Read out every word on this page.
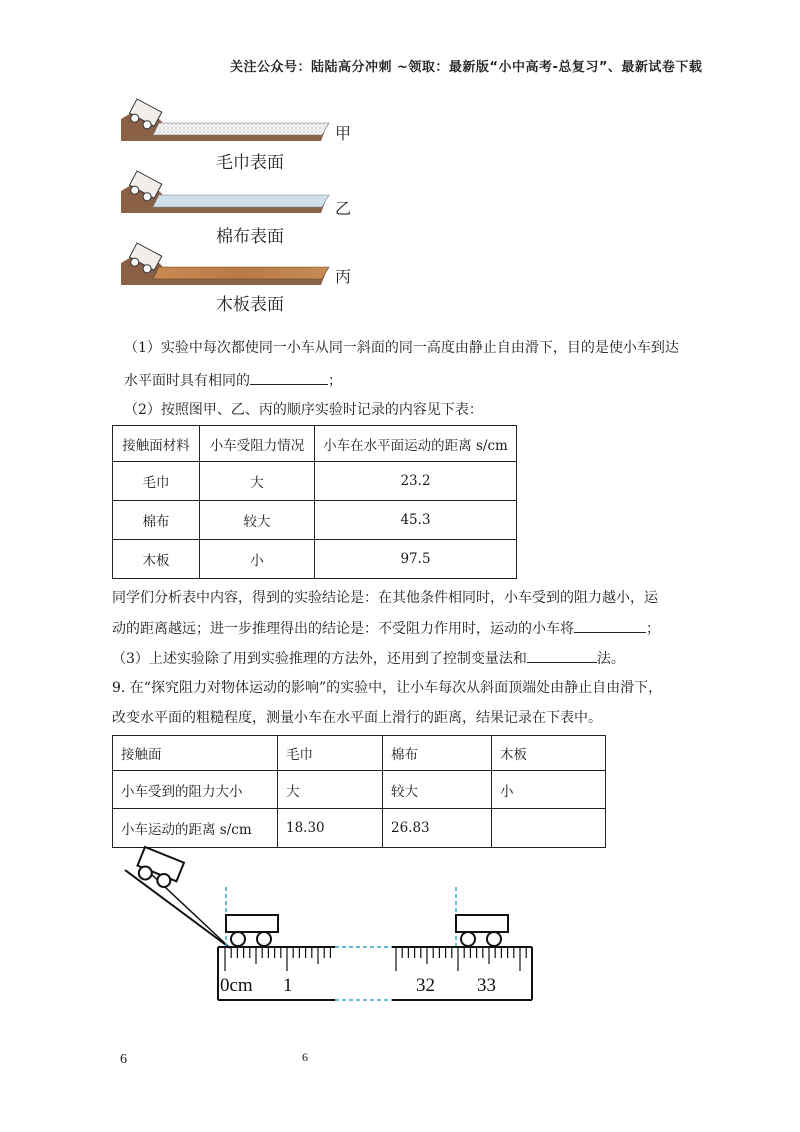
关注公众号：陆陆高分冲刺 ~领取：最新版“小中高考-总复习”、最新试卷下载
甲
毛巾表面
乙
棉布表面
丙
木板表面
（1）实验中每次都使同一小车从同一斜面的同一高度由静止自由滑下，目的是使小车到达
水平面时具有相同的	；
（2）按照图甲、乙、丙的顺序实验时记录的内容见下表：
接触面材料	小车受阻力情况	小车在水平面运动的距离 s/cm
毛巾	大	23.2
棉布	较大	45.3
木板	小	97.5
同学们分析表中内容，得到的实验结论是：在其他条件相同时，小车受到的阻力越小，运
动的距离越远；进一步推理得出的结论是：不受阻力作用时，运动的小车将	；
（3）上述实验除了用到实验推理的方法外，还用到了控制变量法和	法。
9. 在“探究阻力对物体运动的影响”的实验中，让小车每次从斜面顶端处由静止自由滑下，
改变水平面的粗糙程度，测量小车在水平面上滑行的距离，结果记录在下表中。
接触面	毛巾	棉布	木板
小车受到的阻力大小	大	较大	小
小车运动的距离 s/cm	18.30	26.83	
0cm 1	32 33
6	6
